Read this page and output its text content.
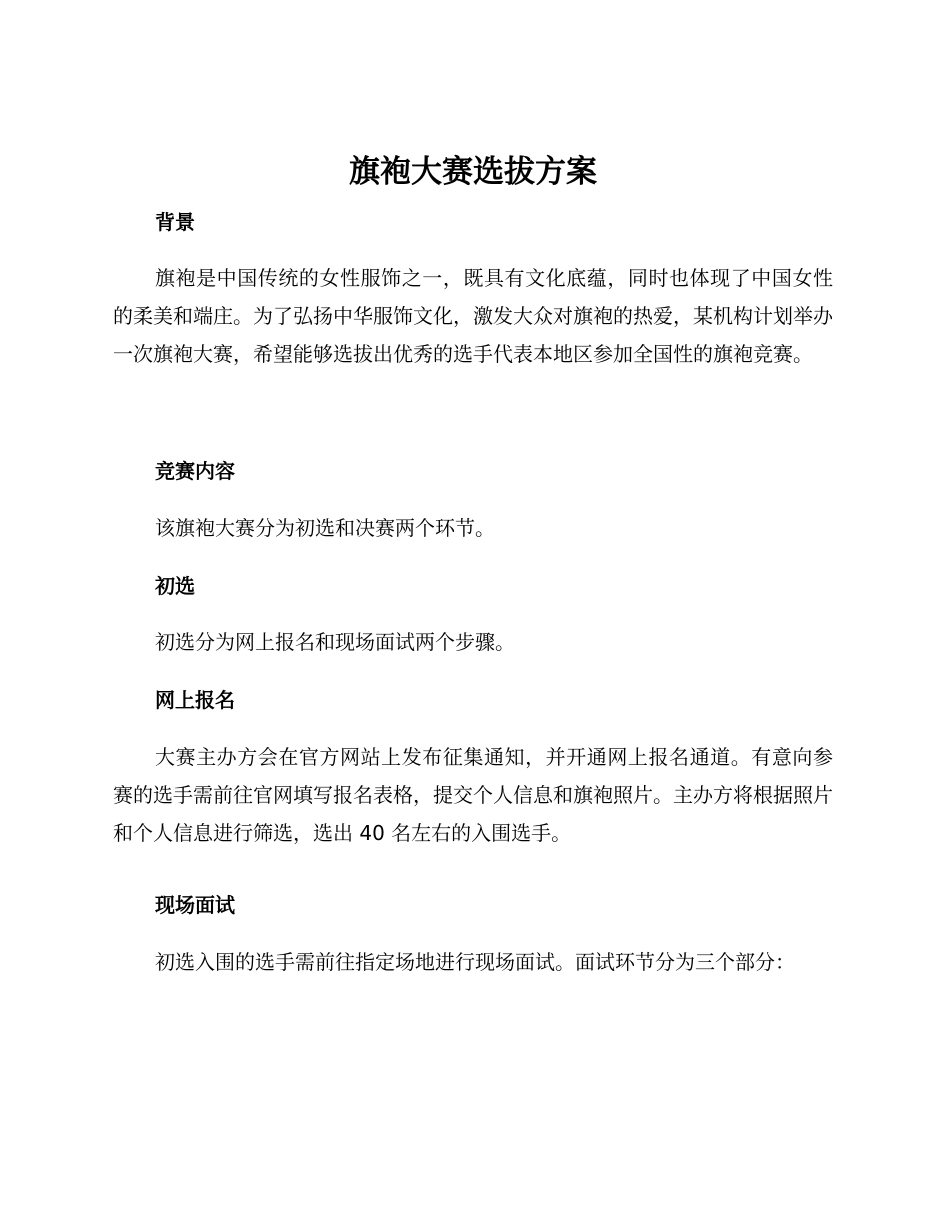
旗袍大赛选拔方案
背景

旗袍是中国传统的女性服饰之一，既具有文化底蕴，同时也体现了中国女性的柔美和端庄。为了弘扬中华服饰文化，激发大众对旗袍的热爱，某机构计划举办一次旗袍大赛，希望能够选拔出优秀的选手代表本地区参加全国性的旗袍竞赛。

竞赛内容

该旗袍大赛分为初选和决赛两个环节。

初选

初选分为网上报名和现场面试两个步骤。

网上报名

大赛主办方会在官方网站上发布征集通知，并开通网上报名通道。有意向参赛的选手需前往官网填写报名表格，提交个人信息和旗袍照片。主办方将根据照片和个人信息进行筛选，选出 40 名左右的入围选手。

现场面试

初选入围的选手需前往指定场地进行现场面试。面试环节分为三个部分：
